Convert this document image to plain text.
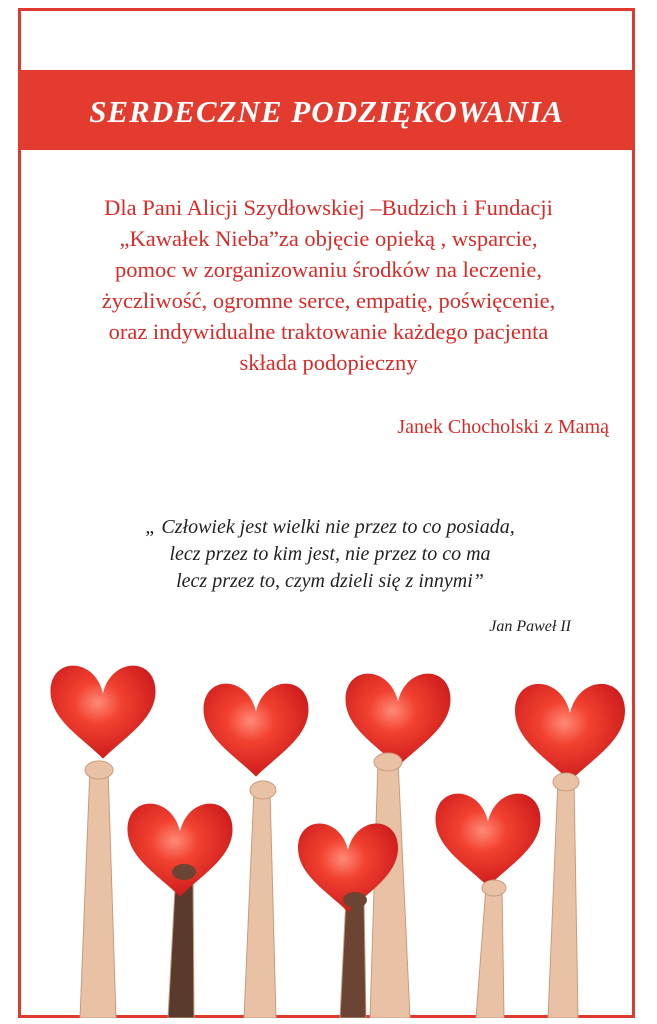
SERDECZNE PODZIĘKOWANIA
Dla Pani Alicji Szydłowskiej –Budzich i Fundacji
„Kawałek Nieba”za objęcie opieką , wsparcie,
pomoc w zorganizowaniu środków na leczenie,
życzliwość, ogromne serce, empatię, poświęcenie,
oraz indywidualne traktowanie każdego pacjenta
składa podopieczny
Janek Chocholski z Mamą
„ Człowiek jest wielki nie przez to co posiada,
lecz przez to kim jest, nie przez to co ma
lecz przez to, czym dzieli się z innymi”
Jan Paweł II
